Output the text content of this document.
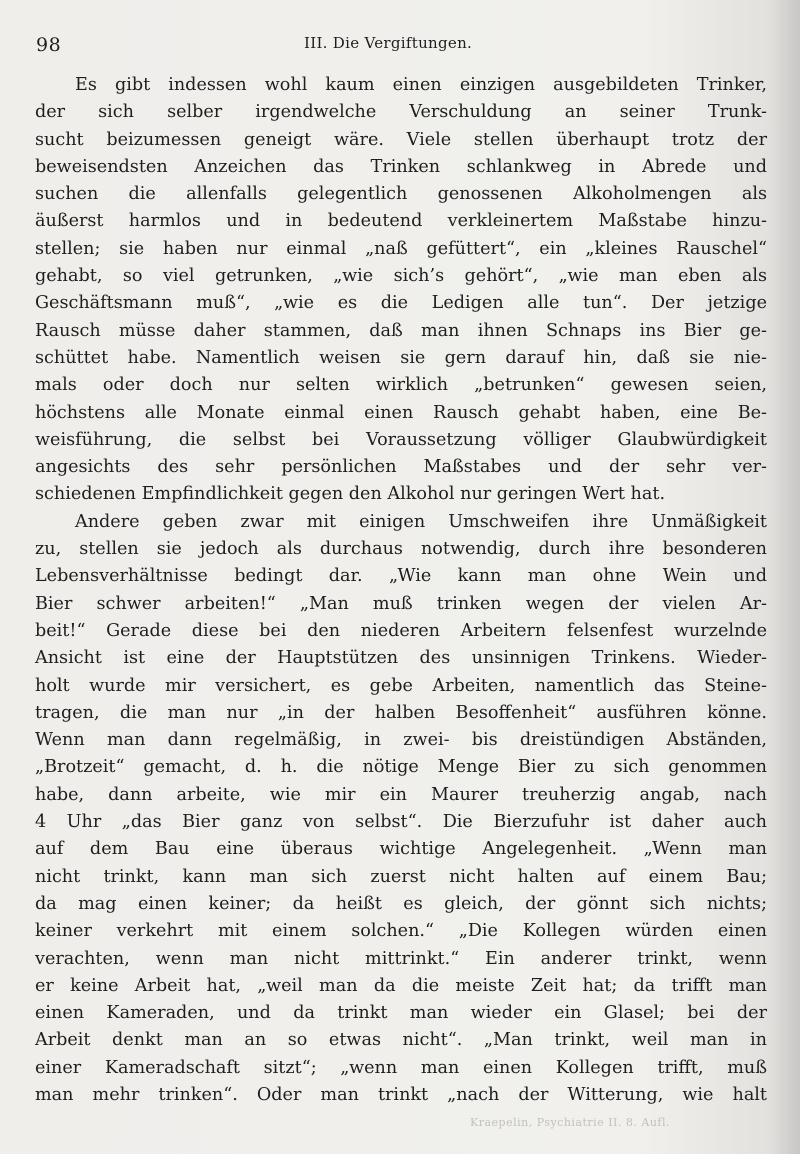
98	III. Die Vergiftungen.
Es gibt indessen wohl kaum einen einzigen ausgebildeten Trinker,
der sich selber irgendwelche Verschuldung an seiner Trunk-
sucht beizumessen geneigt wäre. Viele stellen überhaupt trotz der
beweisendsten Anzeichen das Trinken schlankweg in Abrede und
suchen die allenfalls gelegentlich genossenen Alkoholmengen als
äußerst harmlos und in bedeutend verkleinertem Maßstabe hinzu-
stellen; sie haben nur einmal „naß gefüttert“, ein „kleines Rauschel“
gehabt, so viel getrunken, „wie sich’s gehört“, „wie man eben als
Geschäftsmann muß“, „wie es die Ledigen alle tun“. Der jetzige
Rausch müsse daher stammen, daß man ihnen Schnaps ins Bier ge-
schüttet habe. Namentlich weisen sie gern darauf hin, daß sie nie-
mals oder doch nur selten wirklich „betrunken“ gewesen seien,
höchstens alle Monate einmal einen Rausch gehabt haben, eine Be-
weisführung, die selbst bei Voraussetzung völliger Glaubwürdigkeit
angesichts des sehr persönlichen Maßstabes und der sehr ver-
schiedenen Empfindlichkeit gegen den Alkohol nur geringen Wert hat.
Andere geben zwar mit einigen Umschweifen ihre Unmäßigkeit
zu, stellen sie jedoch als durchaus notwendig, durch ihre besonderen
Lebensverhältnisse bedingt dar. „Wie kann man ohne Wein und
Bier schwer arbeiten!“ „Man muß trinken wegen der vielen Ar-
beit!“ Gerade diese bei den niederen Arbeitern felsenfest wurzelnde
Ansicht ist eine der Hauptstützen des unsinnigen Trinkens. Wieder-
holt wurde mir versichert, es gebe Arbeiten, namentlich das Steine-
tragen, die man nur „in der halben Besoffenheit“ ausführen könne.
Wenn man dann regelmäßig, in zwei- bis dreistündigen Abständen,
„Brotzeit“ gemacht, d. h. die nötige Menge Bier zu sich genommen
habe, dann arbeite, wie mir ein Maurer treuherzig angab, nach
4 Uhr „das Bier ganz von selbst“. Die Bierzufuhr ist daher auch
auf dem Bau eine überaus wichtige Angelegenheit. „Wenn man
nicht trinkt, kann man sich zuerst nicht halten auf einem Bau;
da mag einen keiner; da heißt es gleich, der gönnt sich nichts;
keiner verkehrt mit einem solchen.“ „Die Kollegen würden einen
verachten, wenn man nicht mittrinkt.“ Ein anderer trinkt, wenn
er keine Arbeit hat, „weil man da die meiste Zeit hat; da trifft man
einen Kameraden, und da trinkt man wieder ein Glasel; bei der
Arbeit denkt man an so etwas nicht“. „Man trinkt, weil man in
einer Kameradschaft sitzt“; „wenn man einen Kollegen trifft, muß
man mehr trinken“. Oder man trinkt „nach der Witterung, wie halt
Kraepelin, Psychiatrie II. 8. Aufl.
